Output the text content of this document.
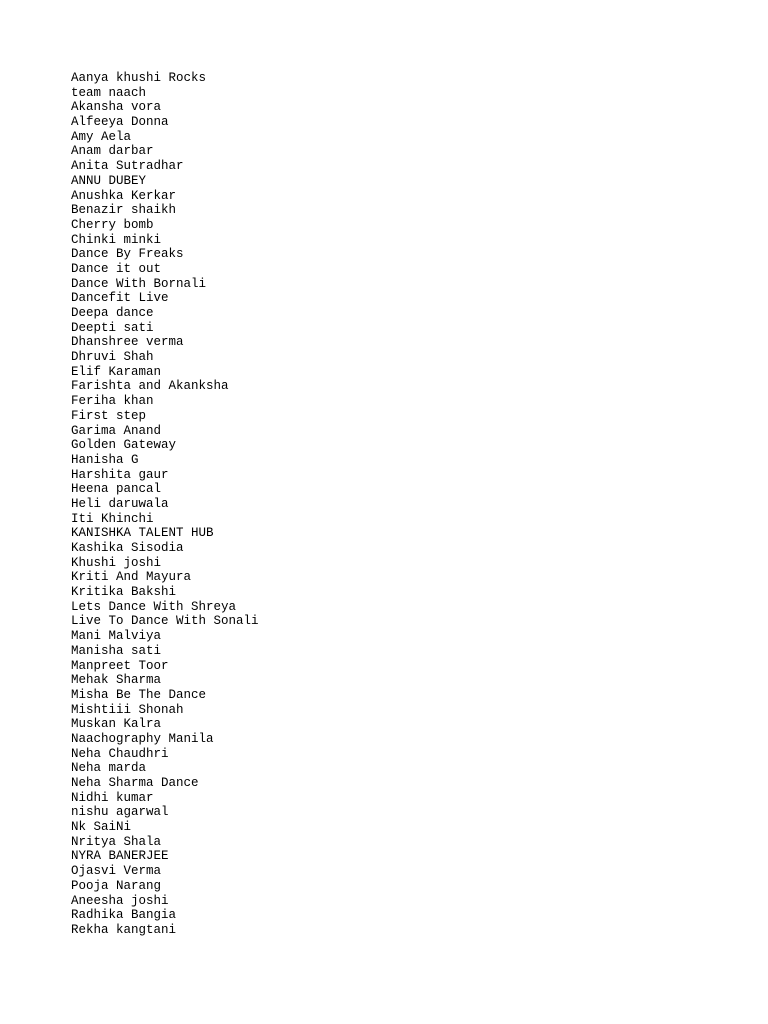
Aanya khushi Rocks
team naach
Akansha vora
Alfeeya Donna
Amy Aela
Anam darbar
Anita Sutradhar
ANNU DUBEY
Anushka Kerkar
Benazir shaikh
Cherry bomb
Chinki minki
Dance By Freaks
Dance it out
Dance With Bornali
Dancefit Live
Deepa dance
Deepti sati
Dhanshree verma
Dhruvi Shah
Elif Karaman
Farishta and Akanksha
Feriha khan
First step
Garima Anand
Golden Gateway
Hanisha G
Harshita gaur
Heena pancal
Heli daruwala
Iti Khinchi
KANISHKA TALENT HUB
Kashika Sisodia
Khushi joshi
Kriti And Mayura
Kritika Bakshi
Lets Dance With Shreya
Live To Dance With Sonali
Mani Malviya
Manisha sati
Manpreet Toor
Mehak Sharma
Misha Be The Dance
Mishtiii Shonah
Muskan Kalra
Naachography Manila
Neha Chaudhri
Neha marda
Neha Sharma Dance
Nidhi kumar
nishu agarwal
Nk SaiNi
Nritya Shala
NYRA BANERJEE
Ojasvi Verma
Pooja Narang
Aneesha joshi
Radhika Bangia
Rekha kangtani
